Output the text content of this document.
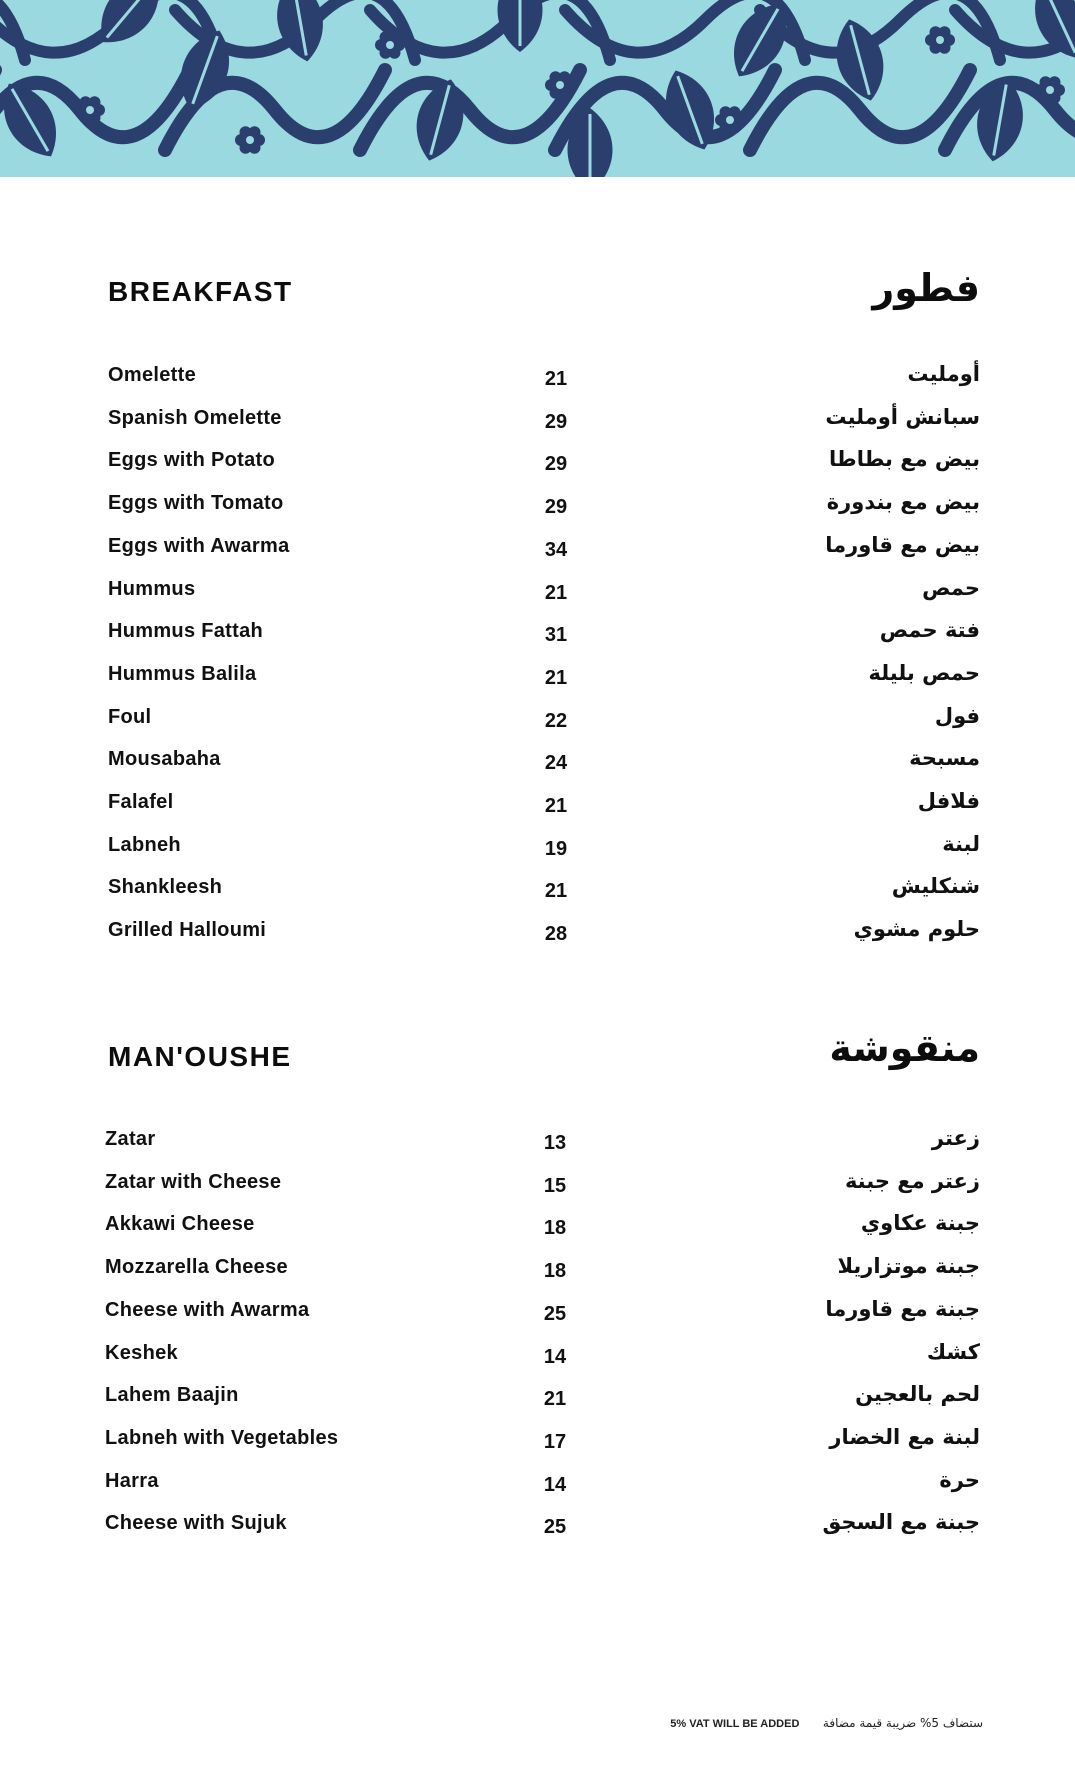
BREAKFAST	فطور
Omelette	21	أومليت
Spanish Omelette	29	سبانش أومليت
Eggs with Potato	29	بيض مع بطاطا
Eggs with Tomato	29	بيض مع بندورة
Eggs with Awarma	34	بيض مع قاورما
Hummus	21	حمص
Hummus Fattah	31	فتة حمص
Hummus Balila	21	حمص بليلة
Foul	22	فول
Mousabaha	24	مسبحة
Falafel	21	فلافل
Labneh	19	لبنة
Shankleesh	21	شنكليش
Grilled Halloumi	28	حلوم مشوي
MAN'OUSHE	منقوشة
Zatar	13	زعتر
Zatar with Cheese	15	زعتر مع جبنة
Akkawi Cheese	18	جبنة عكاوي
Mozzarella Cheese	18	جبنة موتزاريلا
Cheese with Awarma	25	جبنة مع قاورما
Keshek	14	كشك
Lahem Baajin	21	لحم بالعجين
Labneh with Vegetables	17	لبنة مع الخضار
Harra	14	حرة
Cheese with Sujuk	25	جبنة مع السجق
5% VAT WILL BE ADDED ستضاف 5% ضريبة قيمة مضافة
